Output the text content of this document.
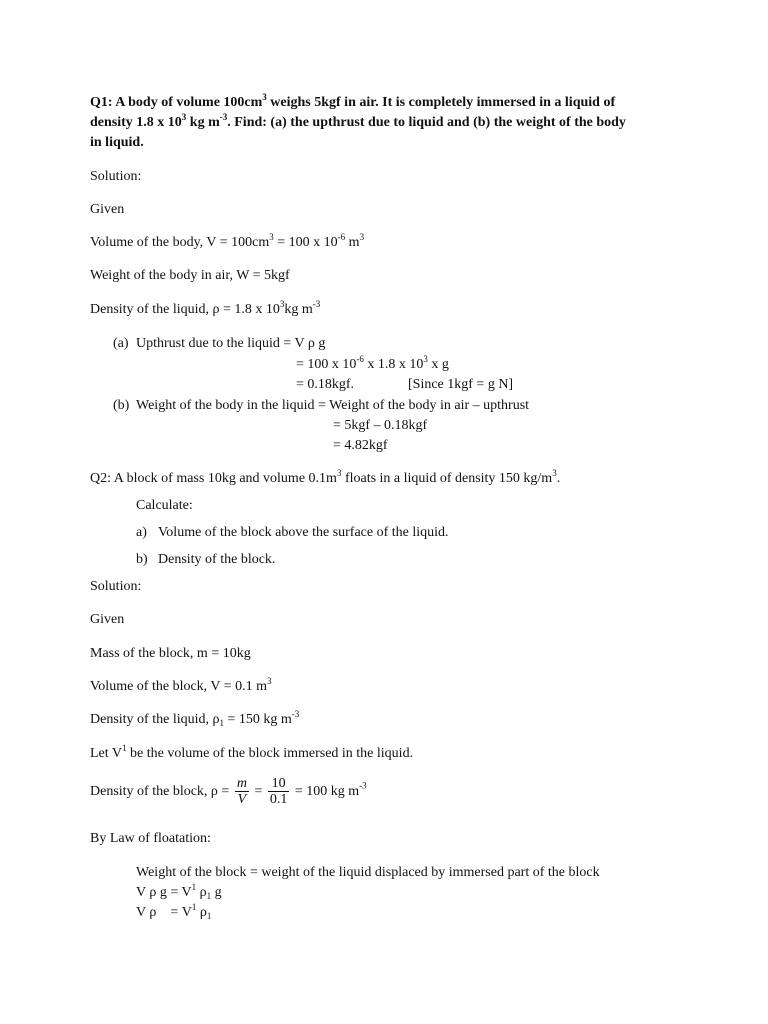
Q1: A body of volume $100cm^3$ weighs 5kgf in air. It is completely immersed in a liquid of
density 1.8 x $10^3$ kg $m^{-3}$. Find: (a) the upthrust due to liquid and (b) the weight of the body
in liquid.
Solution:
Given
Volume of the body, $V = 100cm^3 = 100$ x $10^{-6}$ $m^3$
Weight of the body in air, W = 5kgf
Density of the liquid, ρ = 1.8 x $10^3kg$ $m^{-3}$
(a) Upthrust due to the liquid = V ρ g
= 100 x $10^{-6}$ x 1.8 x $10^3$ x g
= 0.18kgf.	[Since 1kgf = g N]
(b) Weight of the body in the liquid = Weight of the body in air – upthrust
= 5kgf – 0.18kgf
= 4.82kgf
Q2: A block of mass 10kg and volume $0.1m^3$ floats in a liquid of density 150 $kg/m^3$.
Calculate:
a) Volume of the block above the surface of the liquid.
b) Density of the block.
Solution:
Given
Mass of the block, m = 10kg
Volume of the block, V = 0.1 $m^3$
Density of the liquid, $\rho_1 = 150$ kg $m^{-3}$
Let $V^1$ be the volume of the block immersed in the liquid.
Density of the block, $\rho = \frac{m}{V} = \frac{10}{0.1} = 100$ kg $m^{-3}$
By Law of floatation:
Weight of the block = weight of the liquid displaced by immersed part of the block
V ρ $g = V^1$ $\rho_1$ g
V ρ    = $V^1$ $\rho_1$
